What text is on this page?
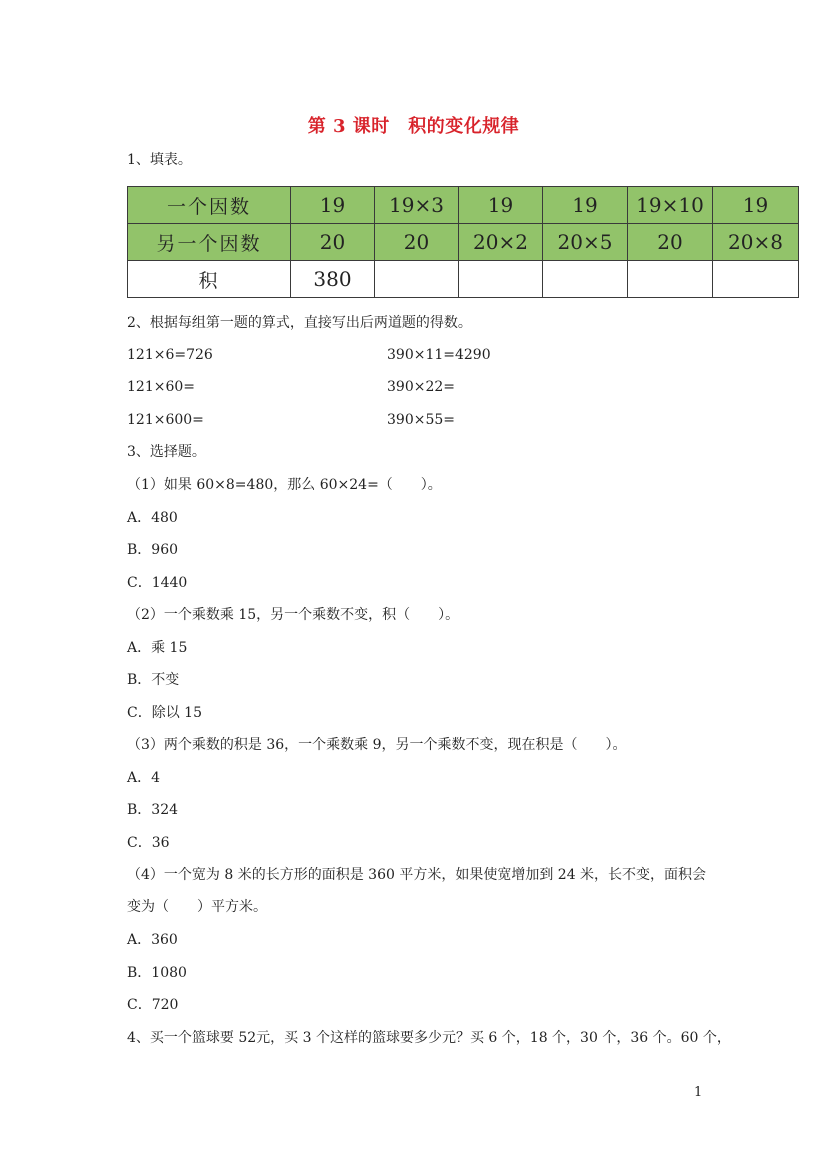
第 3 课时　积的变化规律
1、填表。
一个因数	19	19×3	19	19	19×10	19
另一个因数	20	20	20×2	20×5	20	20×8
积	380					
2、根据每组第一题的算式，直接写出后两道题的得数。
121×6=726	390×11=4290
121×60=	390×22=
121×600=	390×55=
3、选择题。
（1）如果 60×8=480，那么 60×24=（　　）。
A．480
B．960
C．1440
（2）一个乘数乘 15，另一个乘数不变，积（　　）。
A．乘 15
B．不变
C．除以 15
（3）两个乘数的积是 36，一个乘数乘 9，另一个乘数不变，现在积是（　　）。
A．4
B．324
C．36
（4）一个宽为 8 米的长方形的面积是 360 平方米，如果使宽增加到 24 米，长不变，面积会
变为（　　）平方米。
A．360
B．1080
C．720
4、买一个篮球要 52元，买 3 个这样的篮球要多少元？买 6 个，18 个，30 个，36 个。60 个，
1
